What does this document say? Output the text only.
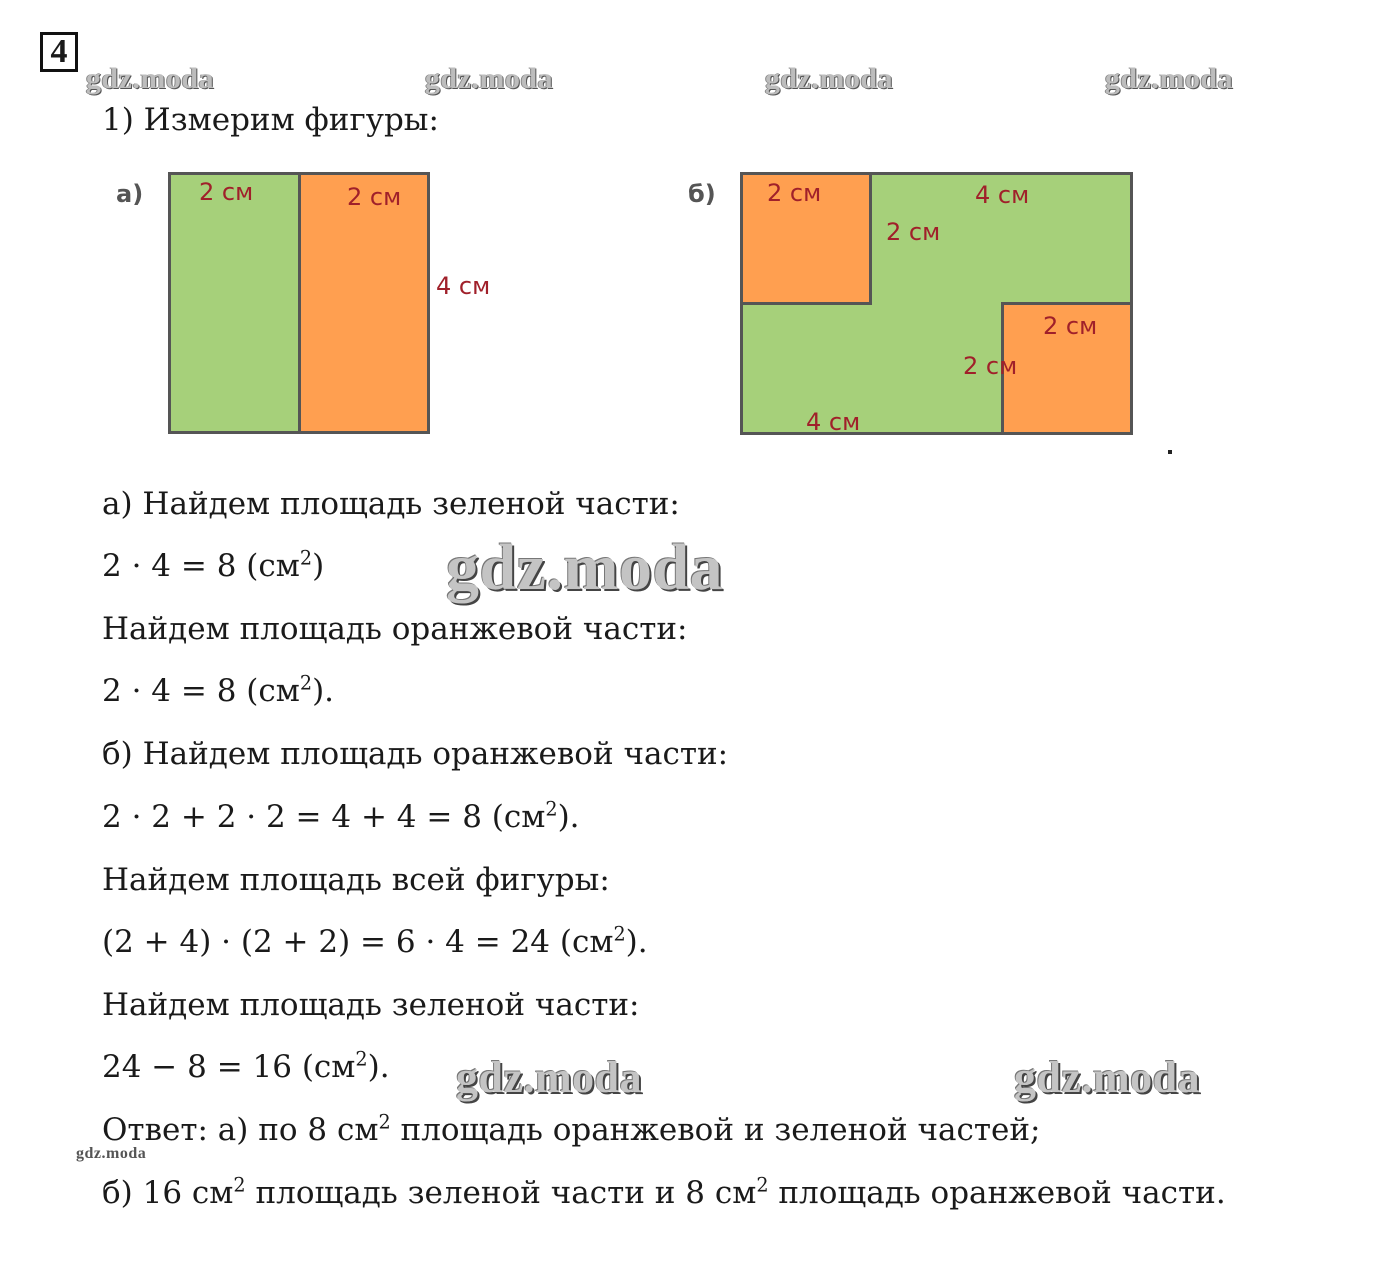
4
gdz.moda	gdz.moda	gdz.moda	gdz.moda
1) Измерим фигуры:
а) 2 см	2 см
4 см
б) 2 см	4 см
2 см
2 см
2 см
4 см
а) Найдем площадь зеленой части:
2 · 4 = 8 $(см^2)$
Найдем площадь оранжевой части:
2 · 4 = 8 $(см^2)$.
б) Найдем площадь оранжевой части:
2 · 2 + 2 · 2 = 4 + 4 = 8 $(см^2)$.
Найдем площадь всей фигуры:
(2 + 4) · (2 + 2) = 6 · 4 = 24 $(см^2)$.
Найдем площадь зеленой части:
24 − 8 = 16 $(см^2)$.
Ответ: а) по 8 $см^2$ площадь оранжевой и зеленой частей;
б) 16 $см^2$ площадь зеленой части и 8 $см^2$ площадь оранжевой части.
gdz.moda
gdz.moda	gdz.moda
gdz.moda
